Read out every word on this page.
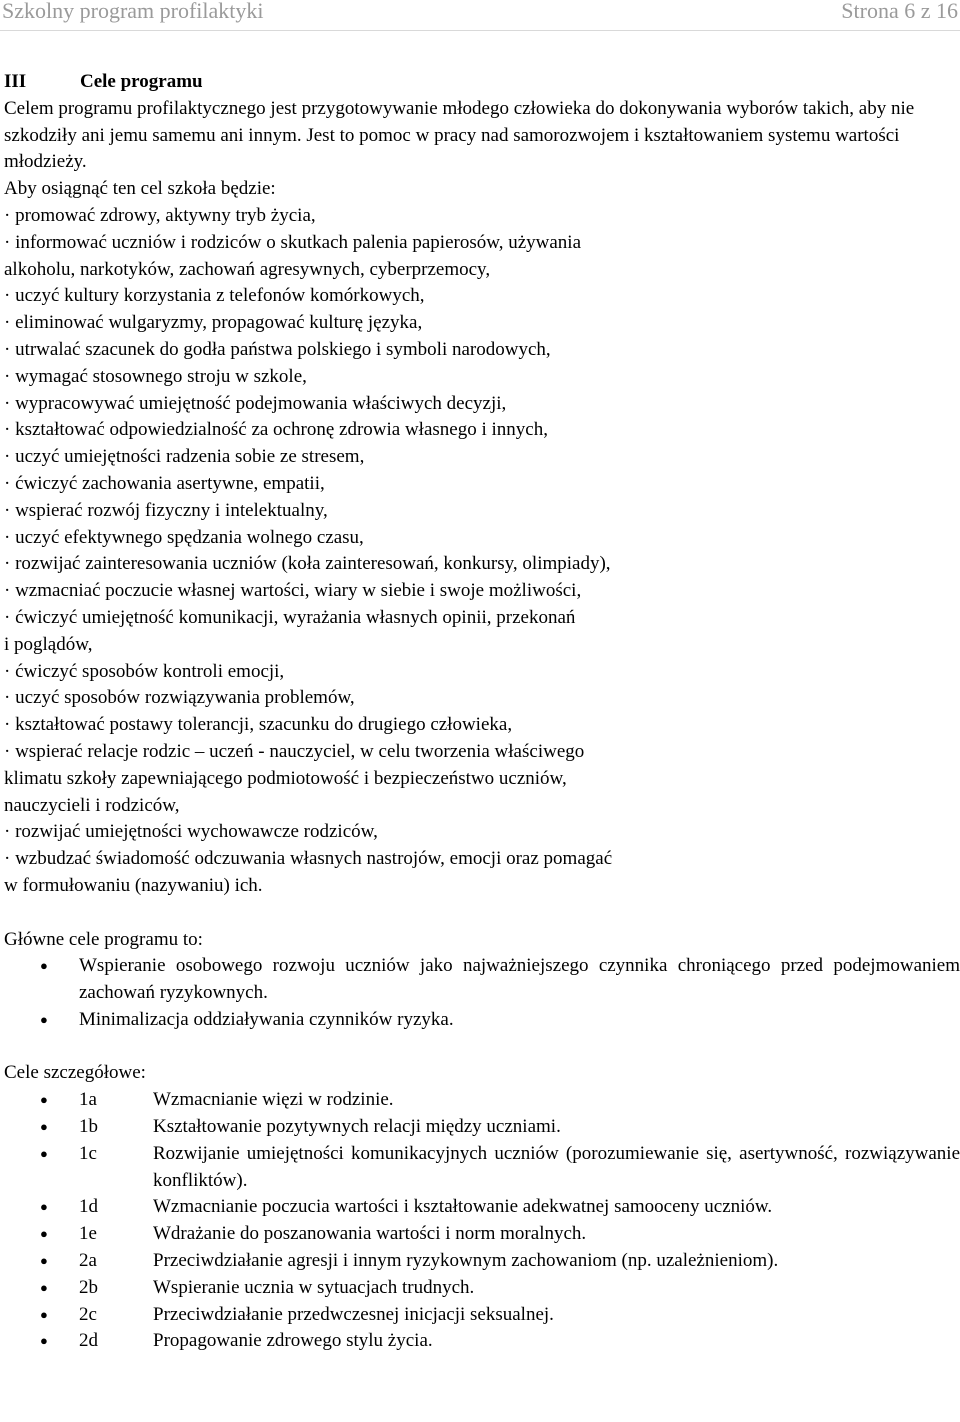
Szkolny program profilaktyki	Strona 6 z 16
III	Cele programu

Celem programu profilaktycznego jest przygotowywanie młodego człowieka do dokonywania wyborów takich, aby nie szkodziły ani jemu samemu ani innym. Jest to pomoc w pracy nad samorozwojem i kształtowaniem systemu wartości młodzieży.

Aby osiągnąć ten cel szkoła będzie:
· promować zdrowy, aktywny tryb życia,
· informować uczniów i rodziców o skutkach palenia papierosów, używania
alkoholu, narkotyków, zachowań agresywnych, cyberprzemocy,
· uczyć kultury korzystania z telefonów komórkowych,
· eliminować wulgaryzmy, propagować kulturę języka,
· utrwalać szacunek do godła państwa polskiego i symboli narodowych,
· wymagać stosownego stroju w szkole,
· wypracowywać umiejętność podejmowania właściwych decyzji,
· kształtować odpowiedzialność za ochronę zdrowia własnego i innych,
· uczyć umiejętności radzenia sobie ze stresem,
· ćwiczyć zachowania asertywne, empatii,
· wspierać rozwój fizyczny i intelektualny,
· uczyć efektywnego spędzania wolnego czasu,
· rozwijać zainteresowania uczniów (koła zainteresowań, konkursy, olimpiady),
· wzmacniać poczucie własnej wartości, wiary w siebie i swoje możliwości,
· ćwiczyć umiejętność komunikacji, wyrażania własnych opinii, przekonań
i poglądów,
· ćwiczyć sposobów kontroli emocji,
· uczyć sposobów rozwiązywania problemów,
· kształtować postawy tolerancji, szacunku do drugiego człowieka,
· wspierać relacje rodzic – uczeń - nauczyciel, w celu tworzenia właściwego
klimatu szkoły zapewniającego podmiotowość i bezpieczeństwo uczniów,
nauczycieli i rodziców,
· rozwijać umiejętności wychowawcze rodziców,
· wzbudzać świadomość odczuwania własnych nastrojów, emocji oraz pomagać
w formułowaniu (nazywaniu) ich.
Główne cele programu to:
● Wspieranie osobowego rozwoju uczniów jako najważniejszego czynnika chroniącego przed podejmowaniem zachowań ryzykownych.
● Minimalizacja oddziaływania czynników ryzyka.
Cele szczegółowe:
● 1a	Wzmacnianie więzi w rodzinie.
● 1b	Kształtowanie pozytywnych relacji między uczniami.
● 1c	Rozwijanie umiejętności komunikacyjnych uczniów (porozumiewanie się, asertywność, rozwiązywanie konfliktów).
● 1d	Wzmacnianie poczucia wartości i kształtowanie adekwatnej samooceny uczniów.
● 1e	Wdrażanie do poszanowania wartości i norm moralnych.
● 2a	Przeciwdziałanie agresji i innym ryzykownym zachowaniom (np. uzależnieniom).
● 2b	Wspieranie ucznia w sytuacjach trudnych.
● 2c	Przeciwdziałanie przedwczesnej inicjacji seksualnej.
● 2d	Propagowanie zdrowego stylu życia.
